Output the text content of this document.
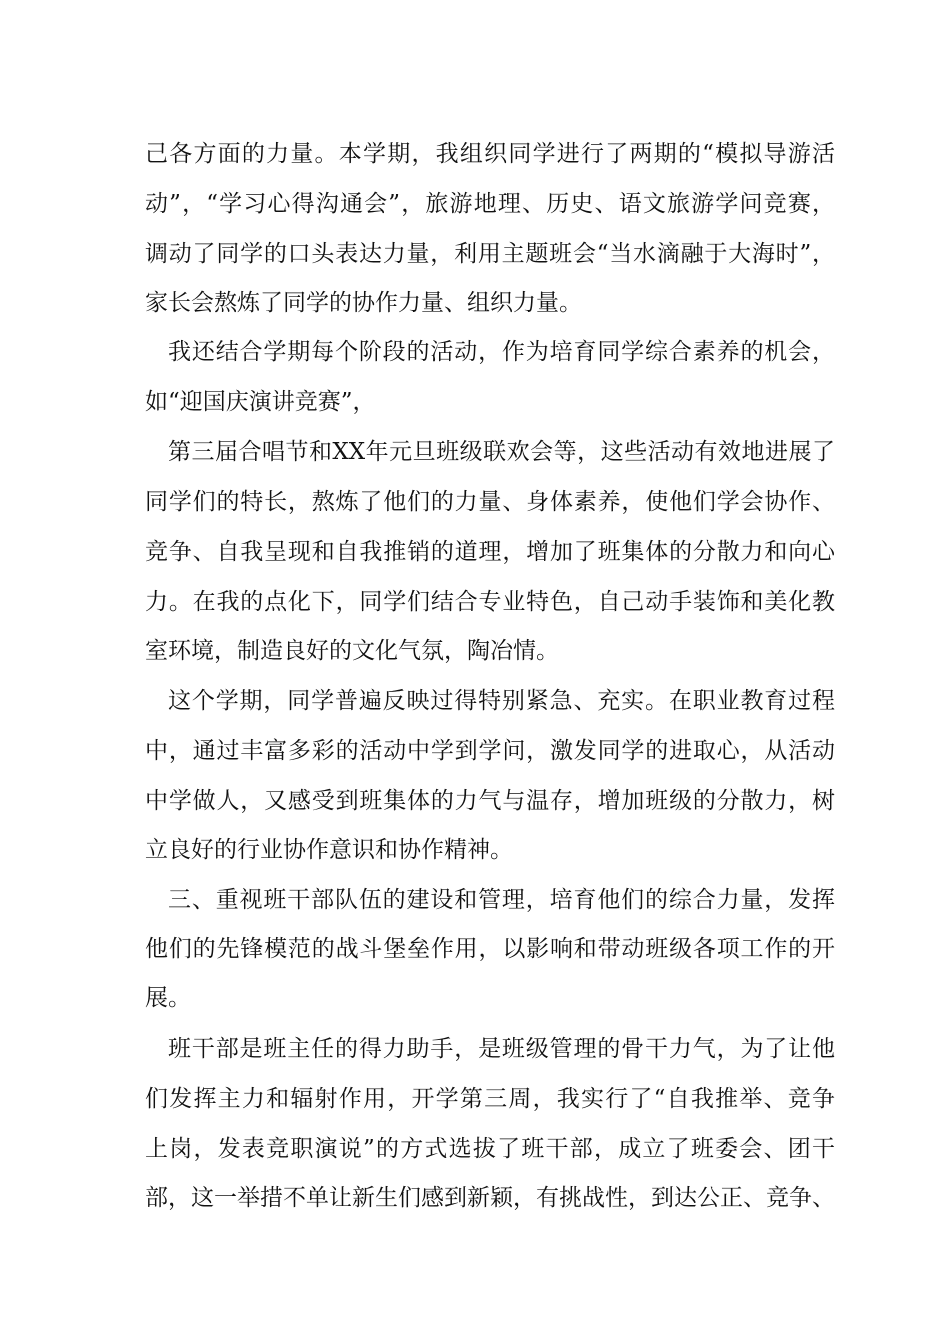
己各方面的力量。本学期，我组织同学进行了两期的“模拟导游活
动”，“学习心得沟通会”，旅游地理、历史、语文旅游学问竞赛，
调动了同学的口头表达力量，利用主题班会“当水滴融于大海时”，
家长会熬炼了同学的协作力量、组织力量。
我还结合学期每个阶段的活动，作为培育同学综合素养的机会，
如“迎国庆演讲竞赛”，
第三届合唱节和XX年元旦班级联欢会等，这些活动有效地进展了
同学们的特长，熬炼了他们的力量、身体素养，使他们学会协作、
竞争、自我呈现和自我推销的道理，增加了班集体的分散力和向心
力。在我的点化下，同学们结合专业特色，自己动手装饰和美化教
室环境，制造良好的文化气氛，陶冶情。
这个学期，同学普遍反映过得特别紧急、充实。在职业教育过程
中，通过丰富多彩的活动中学到学问，激发同学的进取心，从活动
中学做人，又感受到班集体的力气与温存，增加班级的分散力，树
立良好的行业协作意识和协作精神。
三、重视班干部队伍的建设和管理，培育他们的综合力量，发挥
他们的先锋模范的战斗堡垒作用，以影响和带动班级各项工作的开
展。
班干部是班主任的得力助手，是班级管理的骨干力气，为了让他
们发挥主力和辐射作用，开学第三周，我实行了“自我推举、竞争
上岗，发表竞职演说”的方式选拔了班干部，成立了班委会、团干
部，这一举措不单让新生们感到新颖，有挑战性，到达公正、竞争、
